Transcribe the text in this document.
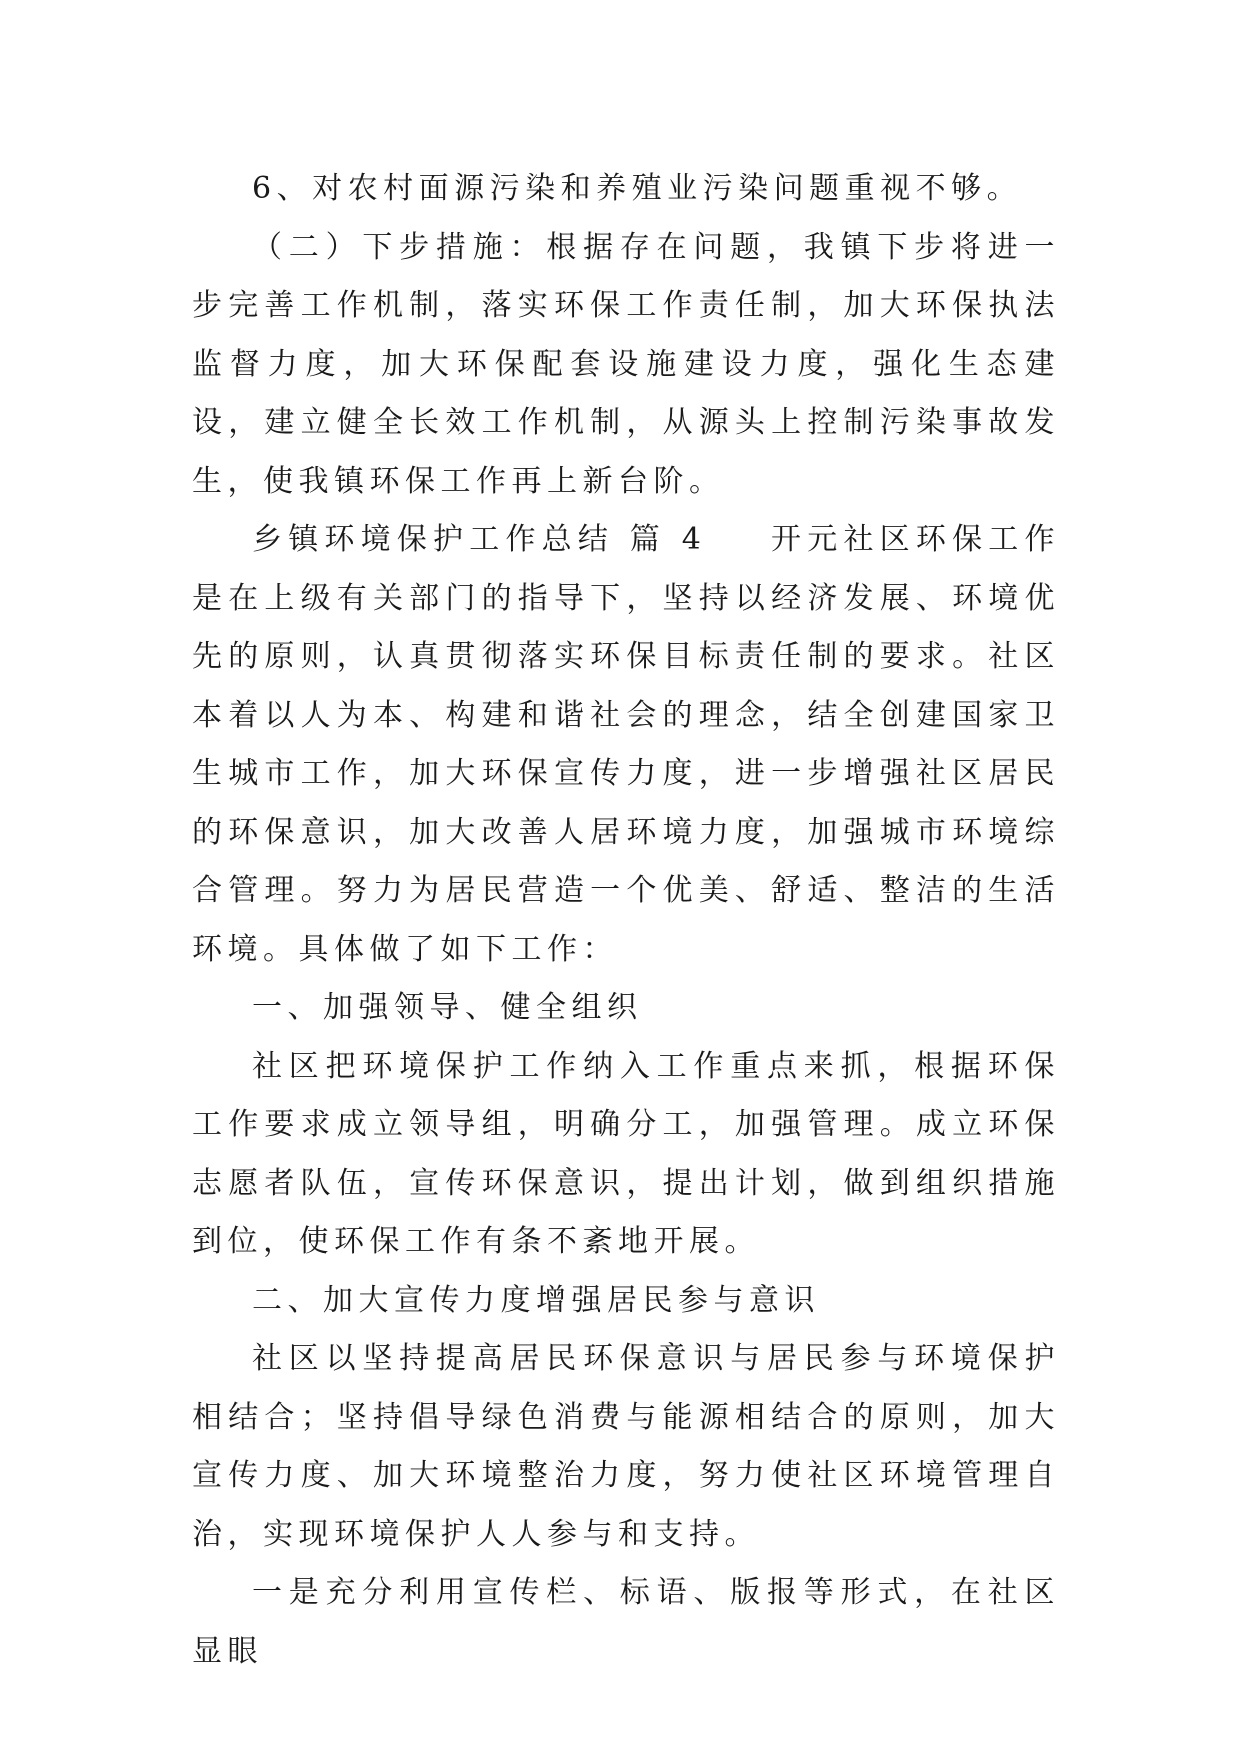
6、对农村面源污染和养殖业污染问题重视不够。

（二）下步措施：根据存在问题，我镇下步将进一步完善工作机制，落实环保工作责任制，加大环保执法监督力度，加大环保配套设施建设力度，强化生态建设，建立健全长效工作机制，从源头上控制污染事故发生，使我镇环保工作再上新台阶。

乡镇环境保护工作总结 篇 4 开元社区环保工作是在上级有关部门的指导下，坚持以经济发展、环境优先的原则，认真贯彻落实环保目标责任制的要求。社区本着以人为本、构建和谐社会的理念，结全创建国家卫生城市工作，加大环保宣传力度，进一步增强社区居民的环保意识，加大改善人居环境力度，加强城市环境综合管理。努力为居民营造一个优美、舒适、整洁的生活环境。具体做了如下工作：

一、加强领导、健全组织

社区把环境保护工作纳入工作重点来抓，根据环保工作要求成立领导组，明确分工，加强管理。成立环保志愿者队伍，宣传环保意识，提出计划，做到组织措施到位，使环保工作有条不紊地开展。

二、加大宣传力度增强居民参与意识

社区以坚持提高居民环保意识与居民参与环境保护相结合；坚持倡导绿色消费与能源相结合的原则，加大宣传力度、加大环境整治力度，努力使社区环境管理自治，实现环境保护人人参与和支持。

一是充分利用宣传栏、标语、版报等形式，在社区显眼
